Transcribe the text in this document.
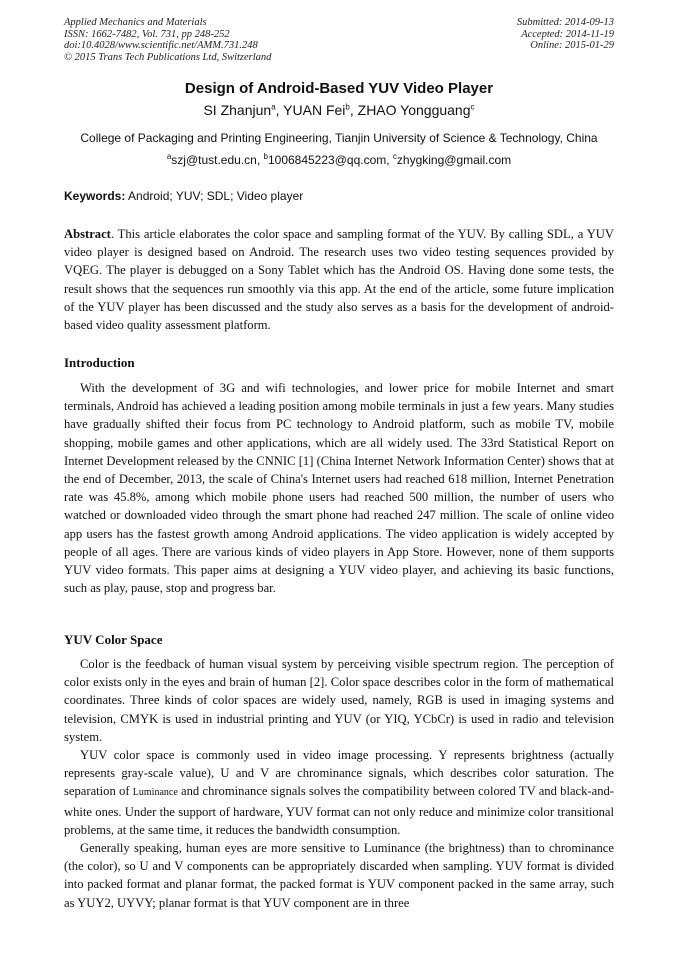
Applied Mechanics and Materials
ISSN: 1662-7482, Vol. 731, pp 248-252
doi:10.4028/www.scientific.net/AMM.731.248
© 2015 Trans Tech Publications Ltd, Switzerland
Submitted: 2014-09-13
Accepted: 2014-11-19
Online: 2015-01-29
Design of Android-Based YUV Video Player
SI Zhanjun$^a$, YUAN Fei$^b$, ZHAO Yongguang$^c$
College of Packaging and Printing Engineering, Tianjin University of Science & Technology, China
$^a$szj@tust.edu.cn, $^b$1006845223@qq.com, $^c$zhygking@gmail.com
Keywords: Android; YUV; SDL; Video player

Abstract. This article elaborates the color space and sampling format of the YUV. By calling SDL, a YUV video player is designed based on Android. The research uses two video testing sequences provided by VQEG. The player is debugged on a Sony Tablet which has the Android OS. Having done some tests, the result shows that the sequences run smoothly via this app. At the end of the article, some future implication of the YUV player has been discussed and the study also serves as a basis for the development of android-based video quality assessment platform.

Introduction

With the development of 3G and wifi technologies, and lower price for mobile Internet and smart terminals, Android has achieved a leading position among mobile terminals in just a few years. Many studies have gradually shifted their focus from PC technology to Android platform, such as mobile TV, mobile shopping, mobile games and other applications, which are all widely used. The 33rd Statistical Report on Internet Development released by the CNNIC [1] (China Internet Network Information Center) shows that at the end of December, 2013, the scale of China's Internet users had reached 618 million, Internet Penetration rate was 45.8%, among which mobile phone users had reached 500 million, the number of users who watched or downloaded video through the smart phone had reached 247 million. The scale of online video app users has the fastest growth among Android applications. The video application is widely accepted by people of all ages. There are various kinds of video players in App Store. However, none of them supports YUV video formats. This paper aims at designing a YUV video player, and achieving its basic functions, such as play, pause, stop and progress bar.

YUV Color Space

Color is the feedback of human visual system by perceiving visible spectrum region. The perception of color exists only in the eyes and brain of human [2]. Color space describes color in the form of mathematical coordinates. Three kinds of color spaces are widely used, namely, RGB is used in imaging systems and television, CMYK is used in industrial printing and YUV (or YIQ, YCbCr) is used in radio and television system.

YUV color space is commonly used in video image processing. Y represents brightness (actually represents gray-scale value), U and V are chrominance signals, which describes color saturation. The separation of Luminance and chrominance signals solves the compatibility between colored TV and black-and-white ones. Under the support of hardware, YUV format can not only reduce and minimize color transitional problems, at the same time, it reduces the bandwidth consumption.

Generally speaking, human eyes are more sensitive to Luminance (the brightness) than to chrominance (the color), so U and V components can be appropriately discarded when sampling. YUV format is divided into packed format and planar format, the packed format is YUV component packed in the same array, such as YUY2, UYVY; planar format is that YUV component are in three
